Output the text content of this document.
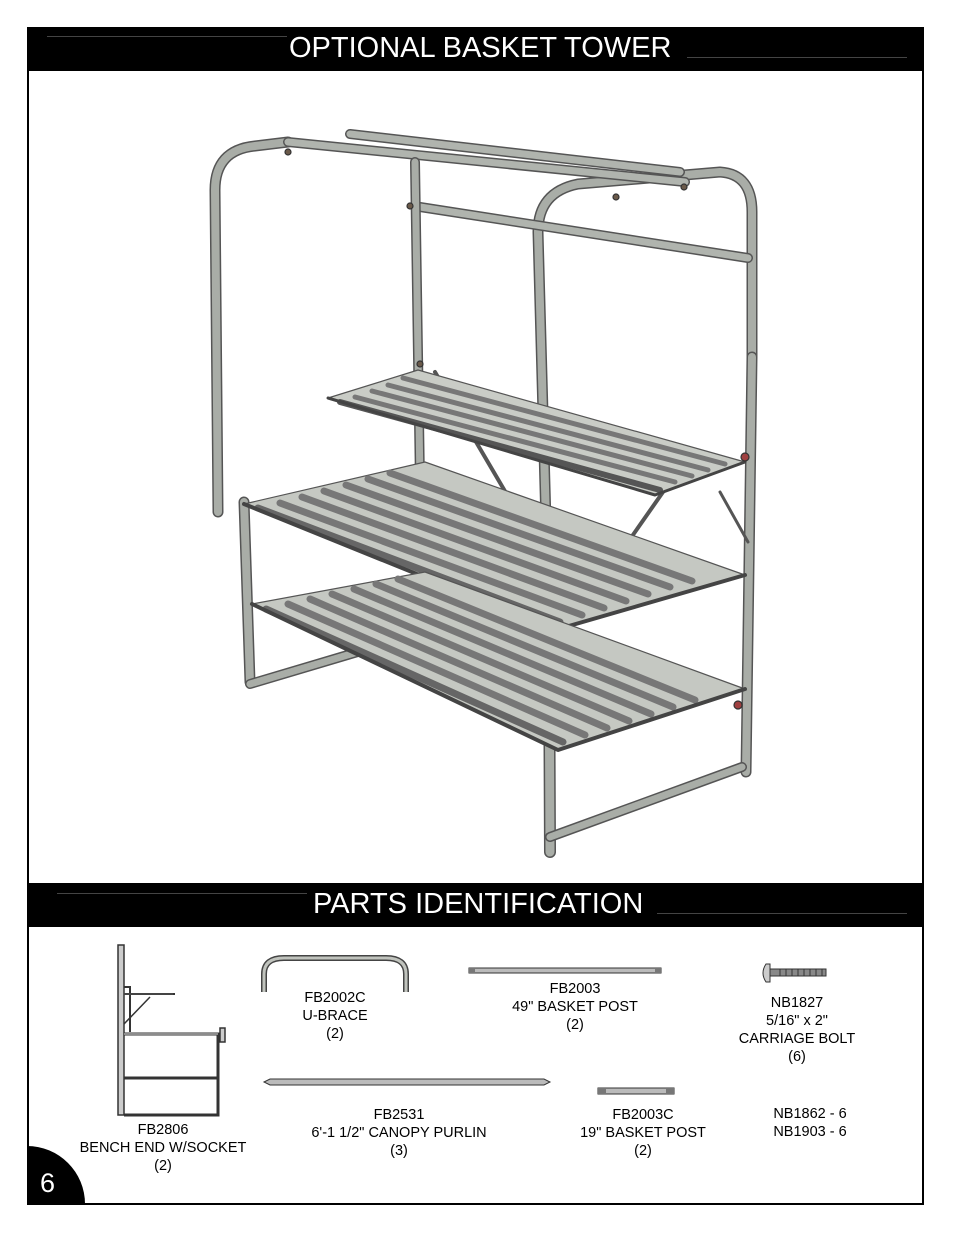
OPTIONAL BASKET TOWER
PARTS IDENTIFICATION
FB2806
BENCH END W/SOCKET
(2)
FB2002C
U-BRACE
(2)
FB2003
49" BASKET POST
(2)
NB1827
5/16" x 2"
CARRIAGE BOLT
(6)
FB2531
6'-1 1/2" CANOPY PURLIN
(3)
FB2003C
19" BASKET POST
(2)
NB1862 - 6
NB1903 - 6
6
